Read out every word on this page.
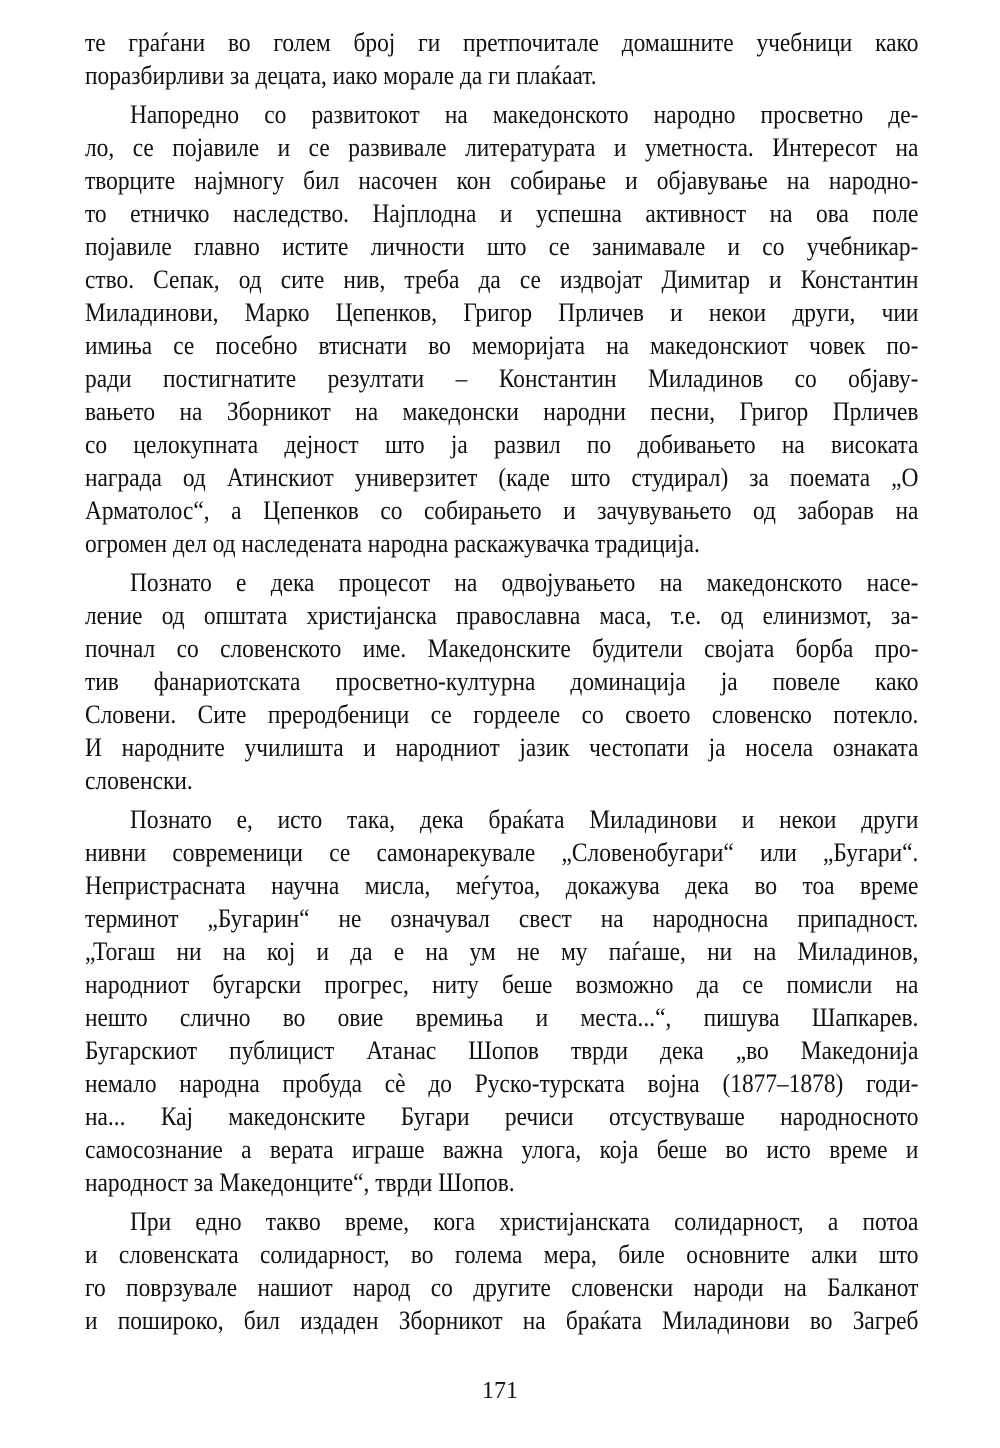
те граѓани во голем број ги претпочитале домашните учебници како
поразбирливи за децата, иако морале да ги плаќаат.
Напоредно со развитокот на македонското народно просветно де-
ло, се појавиле и се развивале литературата и уметноста. Интересот на
творците најмногу бил насочен кон собирање и објавување на народно-
то етничко наследство. Најплодна и успешна активност на ова поле
појавиле главно истите личности што се занимавале и со учебникар-
ство. Сепак, од сите нив, треба да се издвојат Димитар и Константин
Миладинови, Марко Цепенков, Григор Прличев и некои други, чии
имиња се посебно втиснати во меморијата на македонскиот човек по-
ради постигнатите резултати – Константин Миладинов со објаву-
вањето на Зборникот на македонски народни песни, Григор Прличев
со целокупната дејност што ја развил по добивањето на високата
награда од Атинскиот универзитет (каде што студирал) за поемата „О
Арматолос“, а Цепенков со собирањето и зачувувањето од заборав на
огромен дел од наследената народна раскажувачка традиција.
Познато е дека процесот на одвојувањето на македонското насе-
ление од општата христијанска православна маса, т.е. од елинизмот, за-
почнал со словенското име. Македонските будители својата борба про-
тив фанариотската просветно-културна доминација ја повеле како
Словени. Сите преродбеници се гордееле со своето словенско потекло.
И народните училишта и народниот јазик честопати ја носела ознаката
словенски.
Познато е, исто така, дека браќата Миладинови и некои други
нивни современици се самонарекувале „Словенобугари“ или „Бугари“.
Непристрасната научна мисла, меѓутоа, докажува дека во тоа време
терминот „Бугарин“ не означувал свест на народносна припадност.
„Тогаш ни на кој и да е на ум не му паѓаше, ни на Миладинов,
народниот бугарски прогрес, ниту беше возможно да се помисли на
нешто слично во овие времиња и места...“, пишува Шапкарев.
Бугарскиот публицист Атанас Шопов тврди дека „во Македонија
немало народна пробуда сè до Руско-турската војна (1877–1878) годи-
на... Кај македонските Бугари речиси отсуствуваше народносното
самосознание а верата играше важна улога, која беше во исто време и
народност за Македонците“, тврди Шопов.
При едно такво време, кога христијанската солидарност, а потоа
и словенската солидарност, во голема мера, биле основните алки што
го поврзувале нашиот народ со другите словенски народи на Балканот
и пошироко, бил издаден Зборникот на браќата Миладинови во Загреб
171
